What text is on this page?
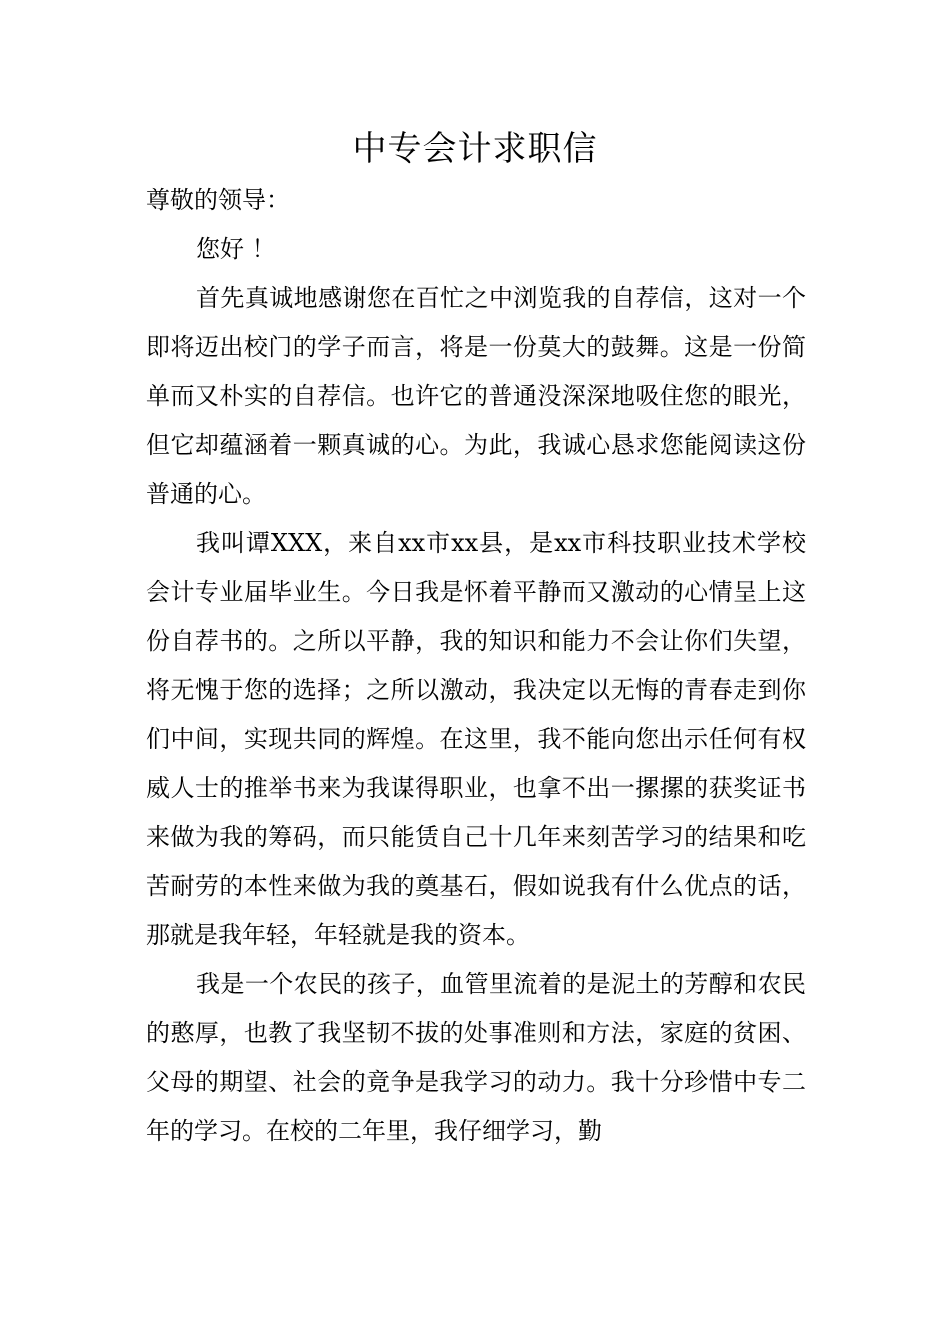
中专会计求职信

尊敬的领导：

您好 ！

首先真诚地感谢您在百忙之中浏览我的自荐信，这对一个即将迈出校门的学子而言，将是一份莫大的鼓舞。这是一份简单而又朴实的自荐信。也许它的普通没深深地吸住您的眼光，但它却蕴涵着一颗真诚的心。为此，我诚心恳求您能阅读这份普通的心。

我叫谭XXX，来自xx市xx县，是xx市科技职业技术学校会计专业届毕业生。今日我是怀着平静而又激动的心情呈上这份自荐书的。之所以平静，我的知识和能力不会让你们失望，将无愧于您的选择；之所以激动，我决定以无悔的青春走到你们中间，实现共同的辉煌。在这里，我不能向您出示任何有权威人士的推举书来为我谋得职业，也拿不出一摞摞的获奖证书来做为我的筹码，而只能赁自己十几年来刻苦学习的结果和吃苦耐劳的本性来做为我的奠基石，假如说我有什么优点的话，那就是我年轻，年轻就是我的资本。

我是一个农民的孩子，血管里流着的是泥土的芳醇和农民的憨厚，也教了我坚韧不拔的处事准则和方法，家庭的贫困、父母的期望、社会的竟争是我学习的动力。我十分珍惜中专二年的学习。在校的二年里，我仔细学习，勤
